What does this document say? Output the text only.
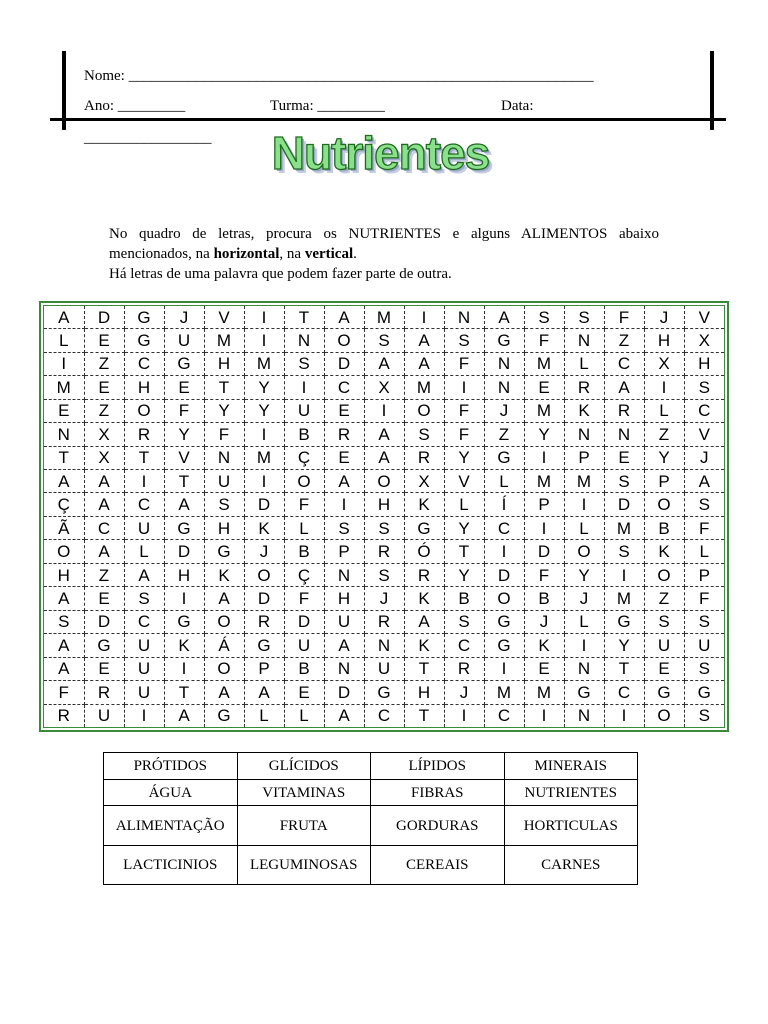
Nome: ______________________________________________________________
Ano: _________	Turma: _________	Data:
_________________ Nutrientes

No quadro de letras, procura os NUTRIENTES e alguns ALIMENTOS abaixo mencionados, na horizontal, na vertical.

Há letras de uma palavra que podem fazer parte de outra.

A	D	G	J	V	I	T	A	M	I	N	A	S	S	F	J	V
L	E	G	U	M	I	N	O	S	A	S	G	F	N	Z	H	X
I	Z	C	G	H	M	S	D	A	A	F	N	M	L	C	X	H
M	E	H	E	T	Y	I	C	X	M	I	N	E	R	A	I	S
E	Z	O	F	Y	Y	U	E	I	O	F	J	M	K	R	L	C
N	X	R	Y	F	I	B	R	A	S	F	Z	Y	N	N	Z	V
T	X	T	V	N	M	Ç	E	A	R	Y	G	I	P	E	Y	J
A	A	I	T	U	I	O	A	O	X	V	L	M	M	S	P	A
Ç	A	C	A	S	D	F	I	H	K	L	Í	P	I	D	O	S
Ã	C	U	G	H	K	L	S	S	G	Y	C	I	L	M	B	F
O	A	L	D	G	J	B	P	R	Ó	T	I	D	O	S	K	L
H	Z	A	H	K	O	Ç	N	S	R	Y	D	F	Y	I	O	P
A	E	S	I	A	D	F	H	J	K	B	O	B	J	M	Z	F
S	D	C	G	O	R	D	U	R	A	S	G	J	L	G	S	S
A	G	U	K	Á	G	U	A	N	K	C	G	K	I	Y	U	U
A	E	U	I	O	P	B	N	U	T	R	I	E	N	T	E	S
F	R	U	T	A	A	E	D	G	H	J	M	M	G	C	G	G
R	U	I	A	G	L	L	A	C	T	I	C	I	N	I	O	S
PRÓTIDOS	GLÍCIDOS	LÍPIDOS	MINERAIS
ÁGUA	VITAMINAS	FIBRAS	NUTRIENTES
ALIMENTAÇÃO	FRUTA	GORDURAS	HORTICULAS
LACTICINIOS	LEGUMINOSAS	CEREAIS	CARNES
